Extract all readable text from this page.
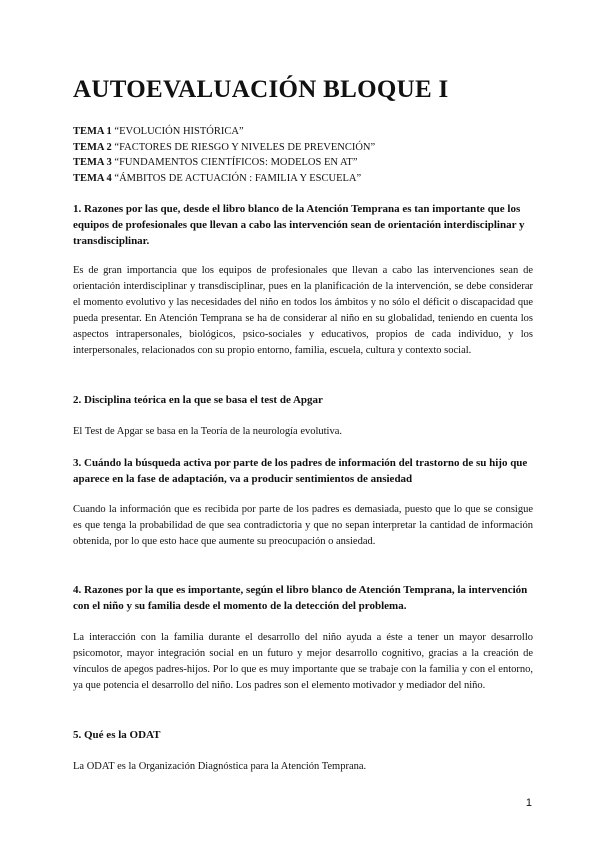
AUTOEVALUACIÓN BLOQUE I
TEMA 1 “EVOLUCIÓN HISTÓRICA”
TEMA 2 “FACTORES DE RIESGO Y NIVELES DE PREVENCIÓN”
TEMA 3 “FUNDAMENTOS CIENTÍFICOS: MODELOS EN AT”
TEMA 4 “ÁMBITOS DE ACTUACIÓN : FAMILIA Y ESCUELA”

1. Razones por las que, desde el libro blanco de la Atención Temprana es tan importante que los equipos de profesionales que llevan a cabo las intervención sean de orientación interdisciplinar y transdisciplinar.

Es de gran importancia que los equipos de profesionales que llevan a cabo las intervenciones sean de orientación interdisciplinar y transdisciplinar, pues en la planificación de la intervención, se debe considerar el momento evolutivo y las necesidades del niño en todos los ámbitos y no sólo el déficit o discapacidad que pueda presentar. En Atención Temprana se ha de considerar al niño en su globalidad, teniendo en cuenta los aspectos intrapersonales, biológicos, psico-sociales y educativos, propios de cada individuo, y los interpersonales, relacionados con su propio entorno, familia, escuela, cultura y contexto social.

2. Disciplina teórica en la que se basa el test de Apgar

El Test de Apgar se basa en la Teoría de la neurología evolutiva.

3. Cuándo la búsqueda activa por parte de los padres de información del trastorno de su hijo que aparece en la fase de adaptación, va a producir sentimientos de ansiedad

Cuando la información que es recibida por parte de los padres es demasiada, puesto que lo que se consigue es que tenga la probabilidad de que sea contradictoria y que no sepan interpretar la cantidad de información obtenida, por lo que esto hace que aumente su preocupación o ansiedad.

4. Razones por la que es importante, según el libro blanco de Atención Temprana, la intervención con el niño y su familia desde el momento de la detección del problema.

La interacción con la familia durante el desarrollo del niño ayuda a éste a tener un mayor desarrollo psicomotor, mayor integración social en un futuro y mejor desarrollo cognitivo, gracias a la creación de vínculos de apegos padres-hijos. Por lo que es muy importante que se trabaje con la familia y con el entorno, ya que potencia el desarrollo del niño. Los padres son el elemento motivador y mediador del niño.

5. Qué es la ODAT

La ODAT es la Organización Diagnóstica para la Atención Temprana.

1
